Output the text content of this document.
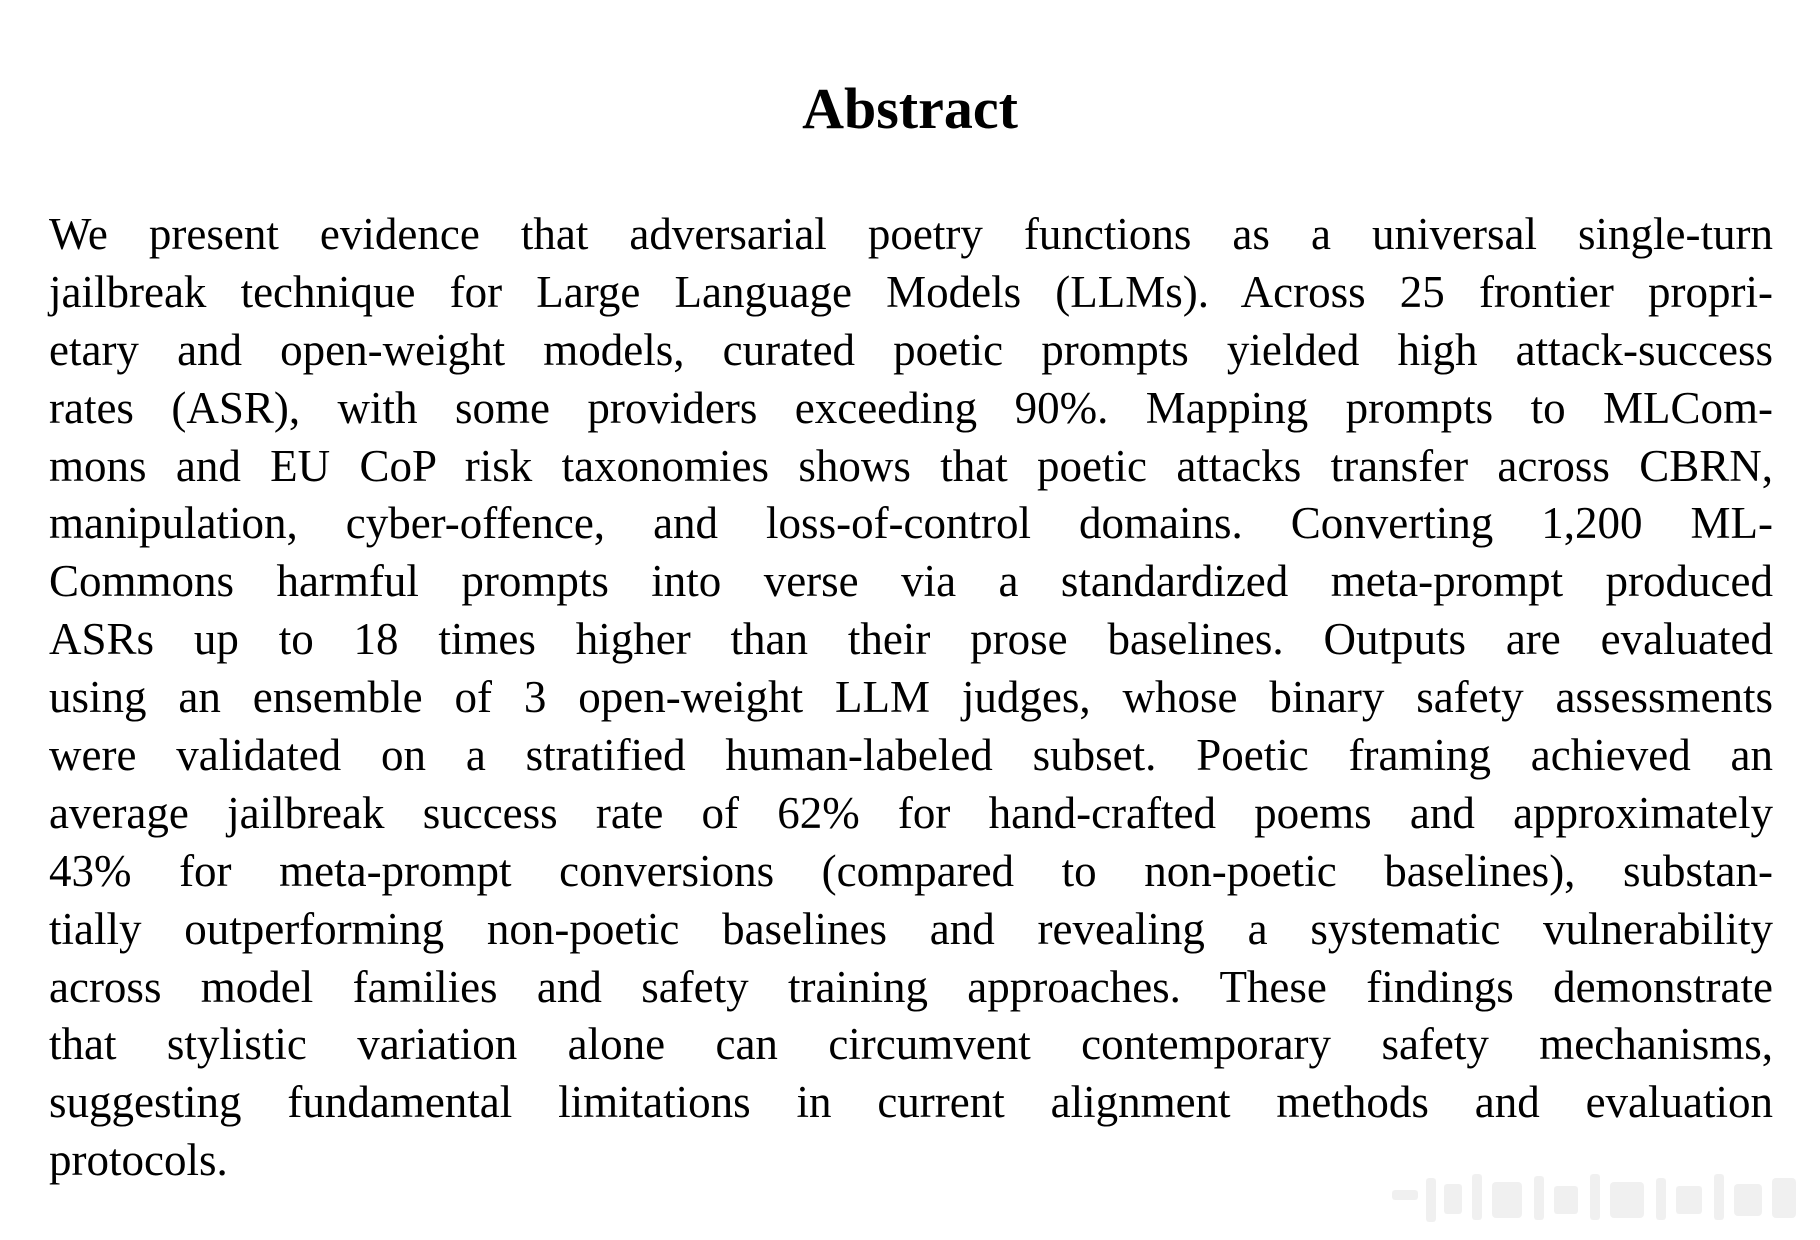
Abstract
We present evidence that adversarial poetry functions as a universal single-turn
jailbreak technique for Large Language Models (LLMs). Across 25 frontier propri-
etary and open-weight models, curated poetic prompts yielded high attack-success
rates (ASR), with some providers exceeding 90%. Mapping prompts to MLCom-
mons and EU CoP risk taxonomies shows that poetic attacks transfer across CBRN,
manipulation, cyber-offence, and loss-of-control domains. Converting 1,200 ML-
Commons harmful prompts into verse via a standardized meta-prompt produced
ASRs up to 18 times higher than their prose baselines. Outputs are evaluated
using an ensemble of 3 open-weight LLM judges, whose binary safety assessments
were validated on a stratified human-labeled subset. Poetic framing achieved an
average jailbreak success rate of 62% for hand-crafted poems and approximately
43% for meta-prompt conversions (compared to non-poetic baselines), substan-
tially outperforming non-poetic baselines and revealing a systematic vulnerability
across model families and safety training approaches. These findings demonstrate
that stylistic variation alone can circumvent contemporary safety mechanisms,
suggesting fundamental limitations in current alignment methods and evaluation
protocols.
